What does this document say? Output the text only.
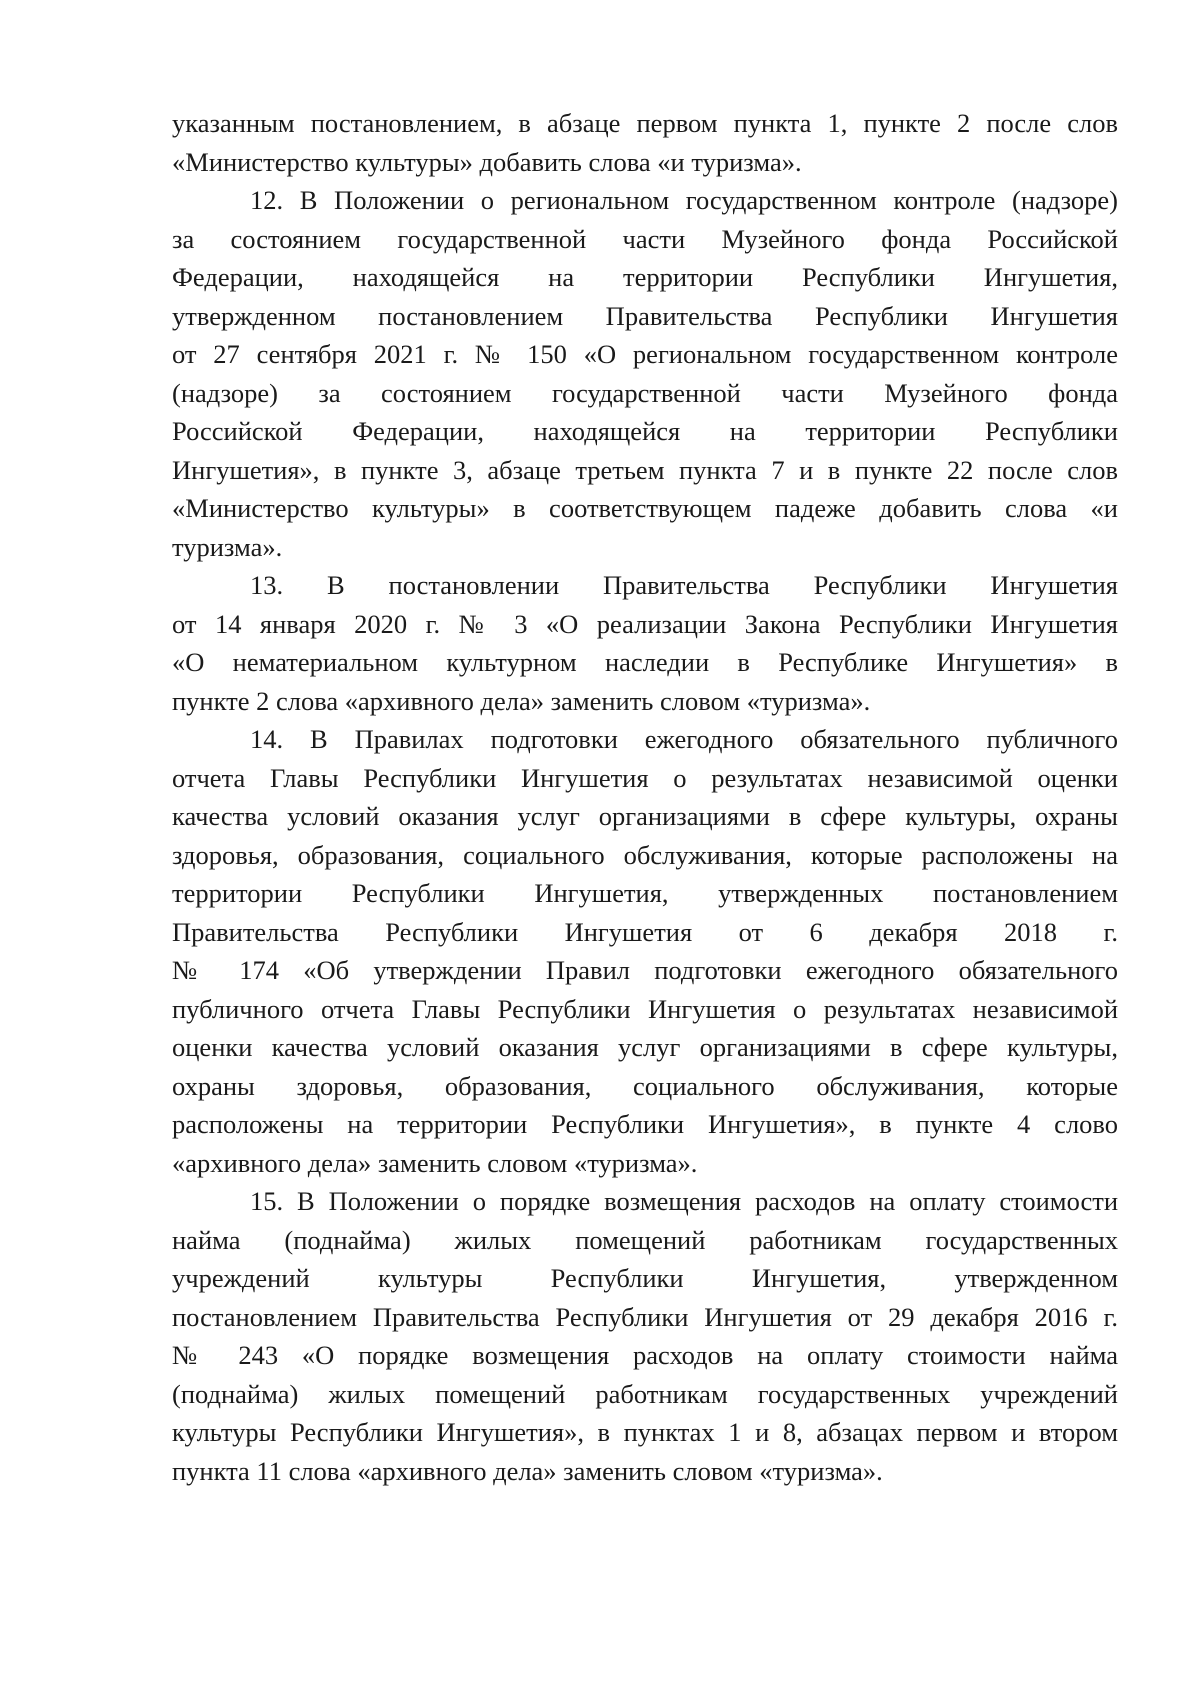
указанным постановлением, в абзаце первом пункта 1, пункте 2 после слов
«Министерство культуры» добавить слова «и туризма».

12. В Положении о региональном государственном контроле (надзоре)
за состоянием государственной части Музейного фонда Российской
Федерации, находящейся на территории Республики Ингушетия,
утвержденном постановлением Правительства Республики Ингушетия
от 27 сентября 2021 г. № 150 «О региональном государственном контроле
(надзоре) за состоянием государственной части Музейного фонда
Российской Федерации, находящейся на территории Республики
Ингушетия», в пункте 3, абзаце третьем пункта 7 и в пункте 22 после слов
«Министерство культуры» в соответствующем падеже добавить слова «и
туризма».

13. В постановлении Правительства Республики Ингушетия
от 14 января 2020 г. № 3 «О реализации Закона Республики Ингушетия
«О нематериальном культурном наследии в Республике Ингушетия» в
пункте 2 слова «архивного дела» заменить словом «туризма».

14. В Правилах подготовки ежегодного обязательного публичного
отчета Главы Республики Ингушетия о результатах независимой оценки
качества условий оказания услуг организациями в сфере культуры, охраны
здоровья, образования, социального обслуживания, которые расположены на
территории Республики Ингушетия, утвержденных постановлением
Правительства Республики Ингушетия от 6 декабря 2018 г.
№ 174 «Об утверждении Правил подготовки ежегодного обязательного
публичного отчета Главы Республики Ингушетия о результатах независимой
оценки качества условий оказания услуг организациями в сфере культуры,
охраны здоровья, образования, социального обслуживания, которые
расположены на территории Республики Ингушетия», в пункте 4 слово
«архивного дела» заменить словом «туризма».

15. В Положении о порядке возмещения расходов на оплату стоимости
найма (поднайма) жилых помещений работникам государственных
учреждений культуры Республики Ингушетия, утвержденном
постановлением Правительства Республики Ингушетия от 29 декабря 2016 г.
№ 243 «О порядке возмещения расходов на оплату стоимости найма
(поднайма) жилых помещений работникам государственных учреждений
культуры Республики Ингушетия», в пунктах 1 и 8, абзацах первом и втором
пункта 11 слова «архивного дела» заменить словом «туризма».
